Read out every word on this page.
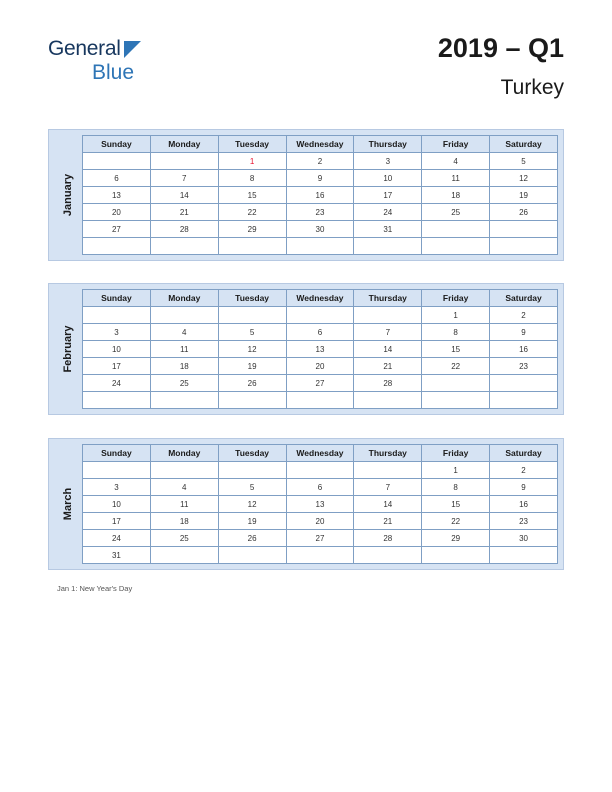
General
Blue
2019 – Q1
Turkey
January
Sunday	Monday	Tuesday	Wednesday	Thursday	Friday	Saturday
		1	2	3	4	5
6	7	8	9	10	11	12
13	14	15	16	17	18	19
20	21	22	23	24	25	26
27	28	29	30	31		

February
Sunday	Monday	Tuesday	Wednesday	Thursday	Friday	Saturday
					1	2
3	4	5	6	7	8	9
10	11	12	13	14	15	16
17	18	19	20	21	22	23
24	25	26	27	28		

March
Sunday	Monday	Tuesday	Wednesday	Thursday	Friday	Saturday
					1	2
3	4	5	6	7	8	9
10	11	12	13	14	15	16
17	18	19	20	21	22	23
24	25	26	27	28	29	30
31						
Jan 1: New Year's Day
